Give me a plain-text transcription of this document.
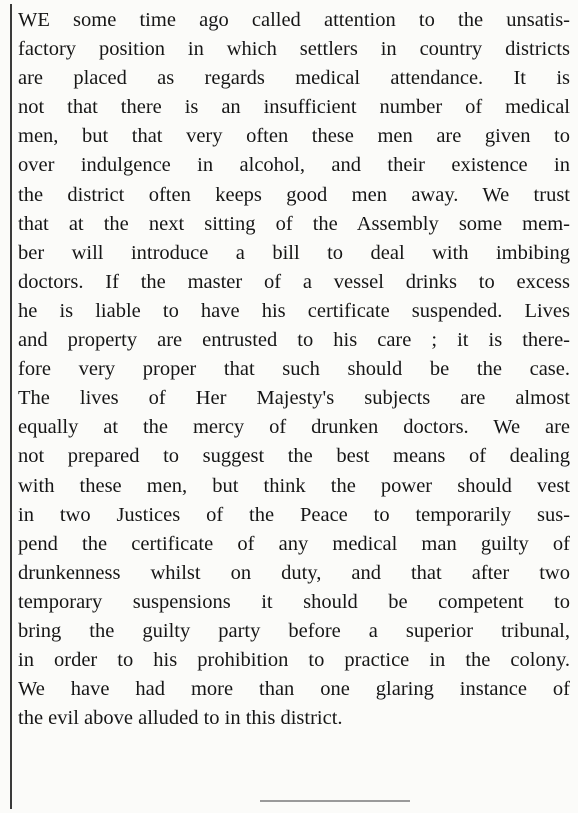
WE some time ago called attention to the unsatis-
factory position in which settlers in country districts
are placed as regards medical attendance. It is
not that there is an insufficient number of medical
men, but that very often these men are given to
over indulgence in alcohol, and their existence in
the district often keeps good men away. We trust
that at the next sitting of the Assembly some mem-
ber will introduce a bill to deal with imbibing
doctors. If the master of a vessel drinks to excess
he is liable to have his certificate suspended. Lives
and property are entrusted to his care ; it is there-
fore very proper that such should be the case.
The lives of Her Majesty's subjects are almost
equally at the mercy of drunken doctors. We are
not prepared to suggest the best means of dealing
with these men, but think the power should vest
in two Justices of the Peace to temporarily sus-
pend the certificate of any medical man guilty of
drunkenness whilst on duty, and that after two
temporary suspensions it should be competent to
bring the guilty party before a superior tribunal,
in order to his prohibition to practice in the colony.
We have had more than one glaring instance of
the evil above alluded to in this district.
